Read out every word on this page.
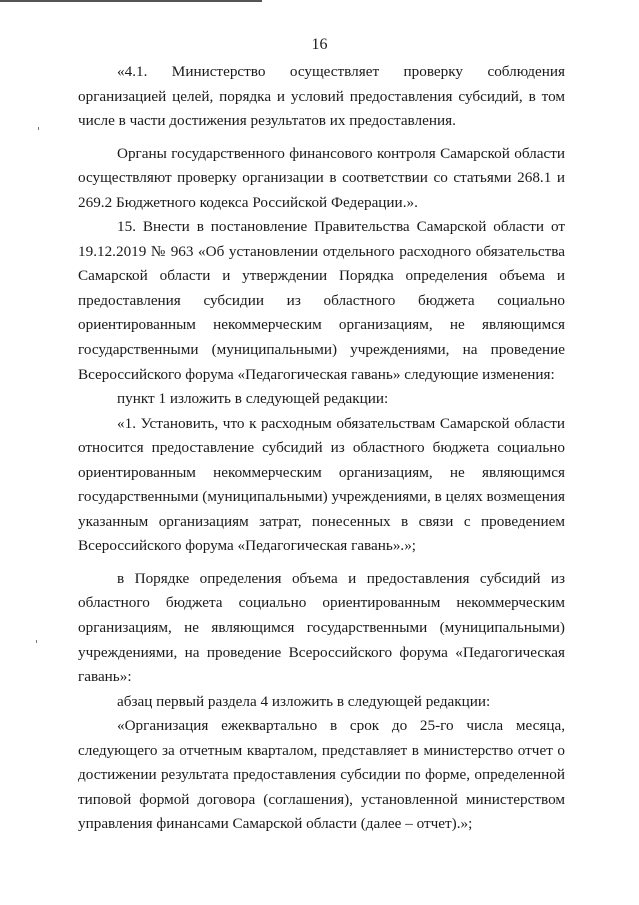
16

«4.1. Министерство осуществляет проверку соблюдения организацией целей, порядка и условий предоставления субсидий, в том числе в части достижения результатов их предоставления.

Органы государственного финансового контроля Самарской области осуществляют проверку организации в соответствии со статьями 268.1 и 269.2 Бюджетного кодекса Российской Федерации.».

15. Внести в постановление Правительства Самарской области от 19.12.2019 № 963 «Об установлении отдельного расходного обязательства Самарской области и утверждении Порядка определения объема и предоставления субсидии из областного бюджета социально ориентированным некоммерческим организациям, не являющимся государственными (муниципальными) учреждениями, на проведение Всероссийского форума «Педагогическая гавань» следующие изменения:

пункт 1 изложить в следующей редакции:

«1. Установить, что к расходным обязательствам Самарской области относится предоставление субсидий из областного бюджета социально ориентированным некоммерческим организациям, не являющимся государственными (муниципальными) учреждениями, в целях возмещения указанным организациям затрат, понесенных в связи с проведением Всероссийского форума «Педагогическая гавань».»;

в Порядке определения объема и предоставления субсидий из областного бюджета социально ориентированным некоммерческим организациям, не являющимся государственными (муниципальными) учреждениями, на проведение Всероссийского форума «Педагогическая гавань»:

абзац первый раздела 4 изложить в следующей редакции:

«Организация ежеквартально в срок до 25-го числа месяца, следующего за отчетным кварталом, представляет в министерство отчет о достижении результата предоставления субсидии по форме, определенной типовой формой договора (соглашения), установленной министерством управления финансами Самарской области (далее – отчет).»;
